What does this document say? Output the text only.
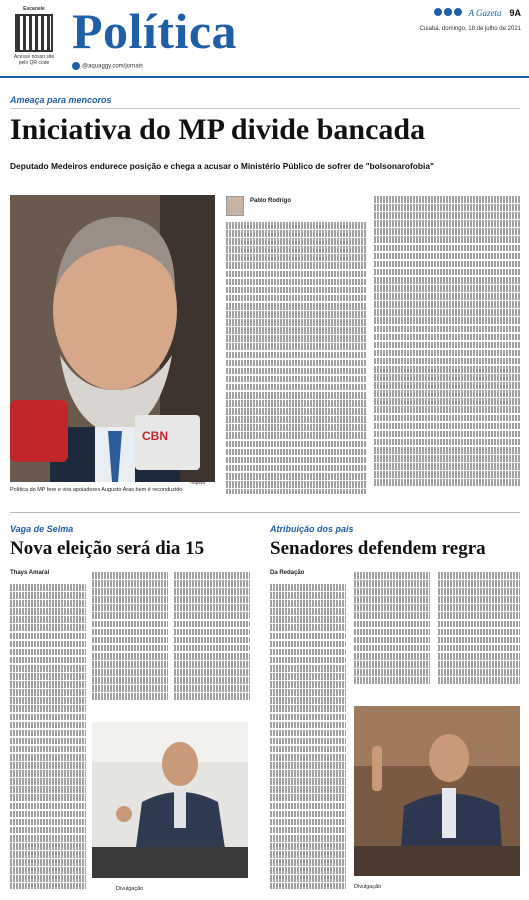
Escaneie
Acesse nosso site pelo QR code
Política
@aquaggy.com/jornais
A Gazeta 9A
Cuiabá, domingo, 18 de julho de 2021
Ameaça para mencoros
Iniciativa do MP divide bancada
Deputado Medeiros endurece posição e chega a acusar o Ministério Público de sofrer de "bolsonarofobia"
CBN
Política do MP fere e vira apoiadores Augusto Aras bem é reconduzido
Arquivo
Pablo Rodrigo
Vaga de Selma
Nova eleição será dia 15
Thays Amaral
Divulgação
Atribuição dos pais
Senadores defendem regra
Da Redação
Divulgação
